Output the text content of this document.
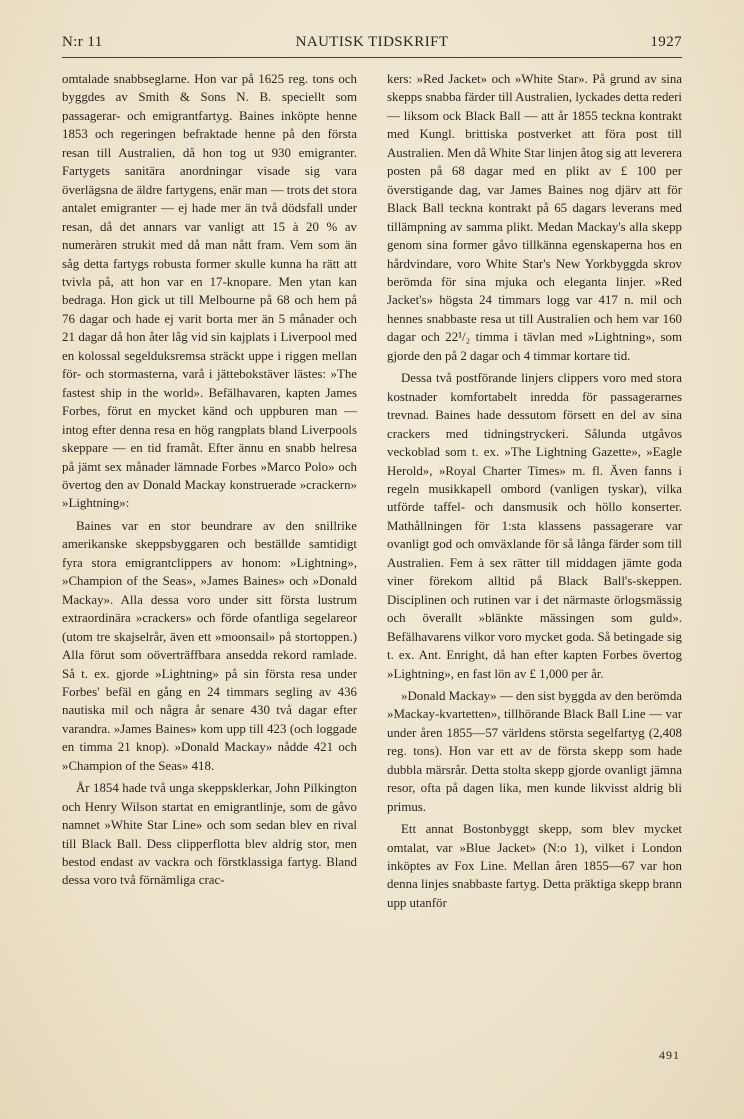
N:r 11	NAUTISK TIDSKRIFT	1927

omtalade snabbseglarne. Hon var på 1625 reg. tons och byggdes av Smith & Sons N. B. speciellt som passagerar- och emigrantfartyg. Baines inköpte henne 1853 och regeringen befraktade henne på den första resan till Australien, då hon tog ut 930 emigranter. Fartygets sanitära anordningar visade sig vara överlägsna de äldre fartygens, enär man — trots det stora antalet emigranter — ej hade mer än två dödsfall under resan, då det annars var vanligt att 15 à 20 % av numeràren strukit med då man nått fram. Vem som än såg detta fartygs robusta former skulle kunna ha rätt att tvivla på, att hon var en 17-knopare. Men ytan kan bedraga. Hon gick ut till Melbourne på 68 och hem på 76 dagar och hade ej varit borta mer än 5 månader och 21 dagar då hon åter låg vid sin kajplats i Liverpool med en kolossal segelduksremsa sträckt uppe i riggen mellan för- och stormasterna, varå i jättebokstäver lästes: »The fastest ship in the world». Befälhavaren, kapten James Forbes, förut en mycket känd och uppburen man — intog efter denna resa en hög rangplats bland Liverpools skeppare — en tid framåt. Efter ännu en snabb helresa på jämt sex månader lämnade Forbes »Marco Polo» och övertog den av Donald Mackay konstruerade »crackern» »Lightning»:

Baines var en stor beundrare av den snillrike amerikanske skeppsbyggaren och beställde samtidigt fyra stora emigrantclippers av honom: »Lightning», »Champion of the Seas», »James Baines» och »Donald Mackay». Alla dessa voro under sitt första lustrum extraordinära »crackers» och förde ofantliga segelareor (utom tre skajselrår, även ett »moonsail» på stortoppen.) Alla förut som oöverträffbara ansedda rekord ramlade. Så t. ex. gjorde »Lightning» på sin första resa under Forbes' befäl en gång en 24 timmars segling av 436 nautiska mil och några år senare 430 två dagar efter varandra. »James Baines» kom upp till 423 (och loggade en timma 21 knop). »Donald Mackay» nådde 421 och »Champion of the Seas» 418.

År 1854 hade två unga skeppsklerkar, John Pilkington och Henry Wilson startat en emigrantlinje, som de gåvo namnet »White Star Line» och som sedan blev en rival till Black Ball. Dess clipperflotta blev aldrig stor, men bestod endast av vackra och förstklassiga fartyg. Bland dessa voro två förnämliga crac-

kers: »Red Jacket» och »White Star». På grund av sina skepps snabba färder till Australien, lyckades detta rederi — liksom ock Black Ball — att år 1855 teckna kontrakt med Kungl. brittiska postverket att föra post till Australien. Men då White Star linjen åtog sig att leverera posten på 68 dagar med en plikt av £ 100 per överstigande dag, var James Baines nog djärv att för Black Ball teckna kontrakt på 65 dagars leverans med tillämpning av samma plikt. Medan Mackay's alla skepp genom sina former gåvo tillkänna egenskaperna hos en hårdvindare, voro White Star's New Yorkbyggda skrov berömda för sina mjuka och eleganta linjer. »Red Jacket's» högsta 24 timmars logg var 417 n. mil och hennes snabbaste resa ut till Australien och hem var 160 dagar och 22¹/₂ timma i tävlan med »Lightning», som gjorde den på 2 dagar och 4 timmar kortare tid.

Dessa två postförande linjers clippers voro med stora kostnader komfortabelt inredda för passagerarnes trevnad. Baines hade dessutom försett en del av sina crackers med tidningstryckeri. Sålunda utgåvos veckoblad som t. ex. »The Lightning Gazette», »Eagle Herold», »Royal Charter Times» m. fl. Även fanns i regeln musikkapell ombord (vanligen tyskar), vilka utförde taffel- och dansmusik och höllo konserter. Mathållningen för 1:sta klassens passagerare var ovanligt god och omväxlande för så långa färder som till Australien. Fem à sex rätter till middagen jämte goda viner förekom alltid på Black Ball's-skeppen. Disciplinen och rutinen var i det närmaste örlogsmässig och överallt »blänkte mässingen som guld». Befälhavarens vilkor voro mycket goda. Så betingade sig t. ex. Ant. Enright, då han efter kapten Forbes övertog »Lightning», en fast lön av £ 1,000 per år.

»Donald Mackay» — den sist byggda av den berömda »Mackay-kvartetten», tillhörande Black Ball Line — var under åren 1855—57 världens största segelfartyg (2,408 reg. tons). Hon var ett av de första skepp som hade dubbla märsrår. Detta stolta skepp gjorde ovanligt jämna resor, ofta på dagen lika, men kunde likvisst aldrig bli primus.

Ett annat Bostonbyggt skepp, som blev mycket omtalat, var »Blue Jacket» (N:o 1), vilket i London inköptes av Fox Line. Mellan åren 1855—67 var hon denna linjes snabbaste fartyg. Detta präktiga skepp brann upp utanför

491
